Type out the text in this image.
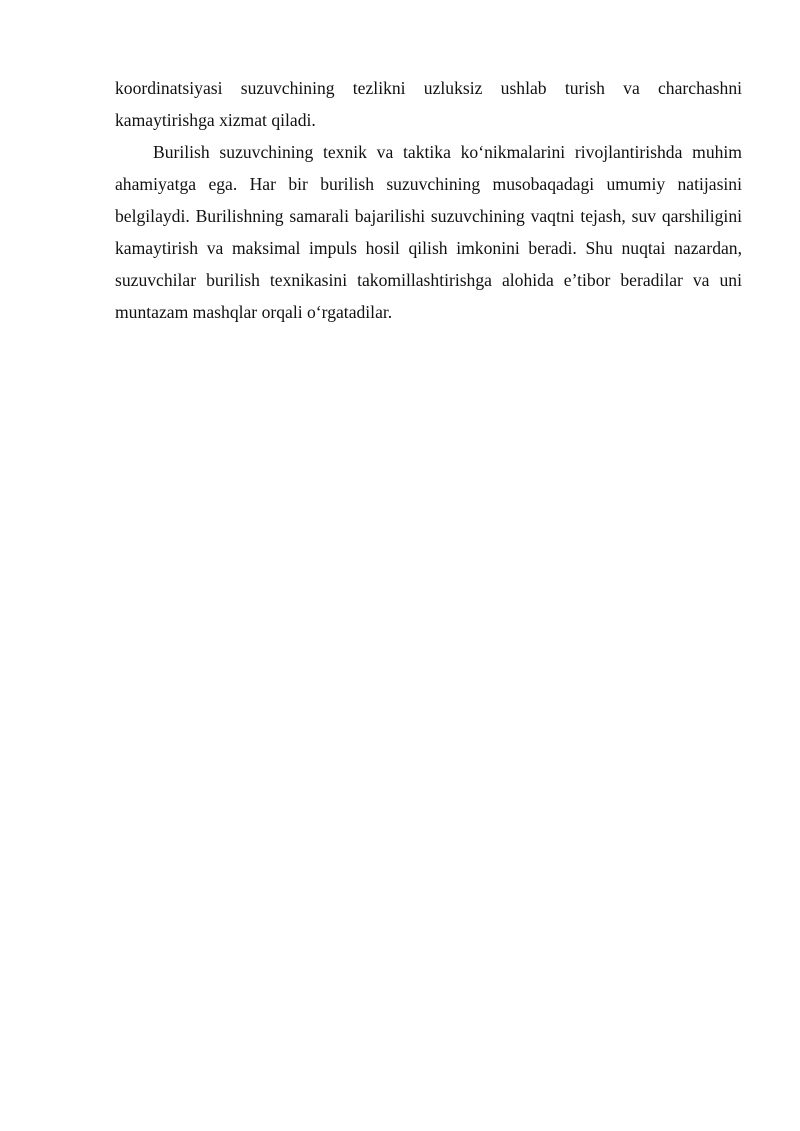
koordinatsiyasi suzuvchining tezlikni uzluksiz ushlab turish va charchashni kamaytirishga xizmat qiladi.

Burilish suzuvchining texnik va taktika ko‘nikmalarini rivojlantirishda muhim ahamiyatga ega. Har bir burilish suzuvchining musobaqadagi umumiy natijasini belgilaydi. Burilishning samarali bajarilishi suzuvchining vaqtni tejash, suv qarshiligini kamaytirish va maksimal impuls hosil qilish imkonini beradi. Shu nuqtai nazardan, suzuvchilar burilish texnikasini takomillashtirishga alohida e’tibor beradilar va uni muntazam mashqlar orqali o‘rgatadilar.
